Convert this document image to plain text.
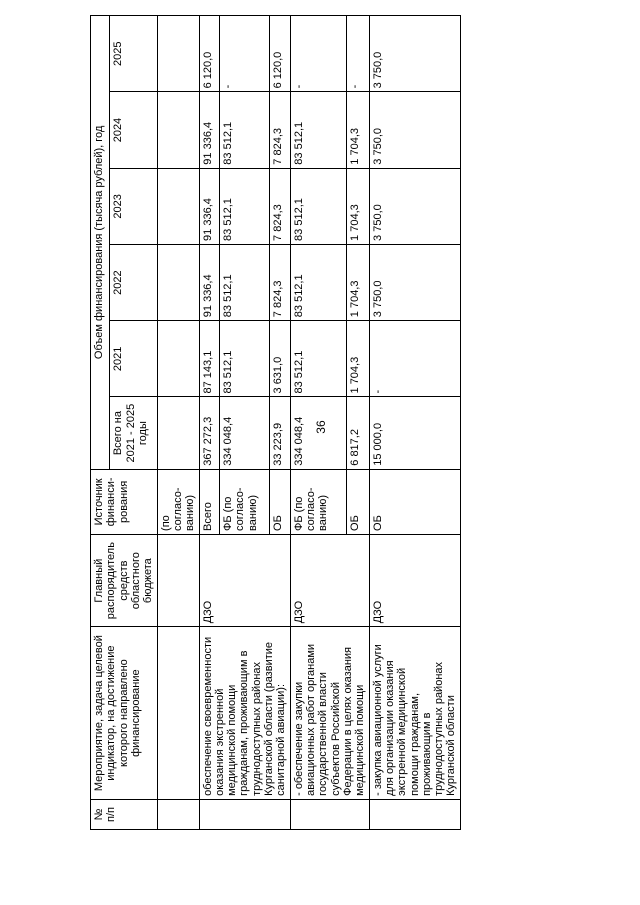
36
№ п/п	Мероприятие, задача целевой индикатор, на достижение которого направлено финансирование	Главный распорядитель средств областного бюджета	Источник финанси-рования	Объем финансирования (тысяча рублей), год					
				Всего на 2021 - 2025 годы	2021	2022	2023	2024	2025
			(по согласо-ванию)						
	обеспечение своевременности оказания экстренной медицинской помощи гражданам, проживающим в труднодоступных районах Курганской области (развитие санитарной авиации):	ДЗО	Всего	367 272,3	87 143,1	91 336,4	91 336,4	91 336,4	6 120,0
			ФБ (по согласо-ванию)	334 048,4	83 512,1	83 512,1	83 512,1	83 512,1	-
			ОБ	33 223,9	3 631,0	7 824,3	7 824,3	7 824,3	6 120,0
	- обеспечение закупки авиационных работ органами государственной власти субъектов Российской Федерации в целях оказания медицинской помощи	ДЗО	ФБ (по согласо-ванию)	334 048,4	83 512,1	83 512,1	83 512,1	83 512,1	-
			ОБ	6 817,2	1 704,3	1 704,3	1 704,3	1 704,3	-
	- закупка авиационной услуги для организации оказания экстренной медицинской помощи гражданам, проживающим в труднодоступных районах Курганской области	ДЗО	ОБ	15 000,0	-	3 750,0	3 750,0	3 750,0	3 750,0
